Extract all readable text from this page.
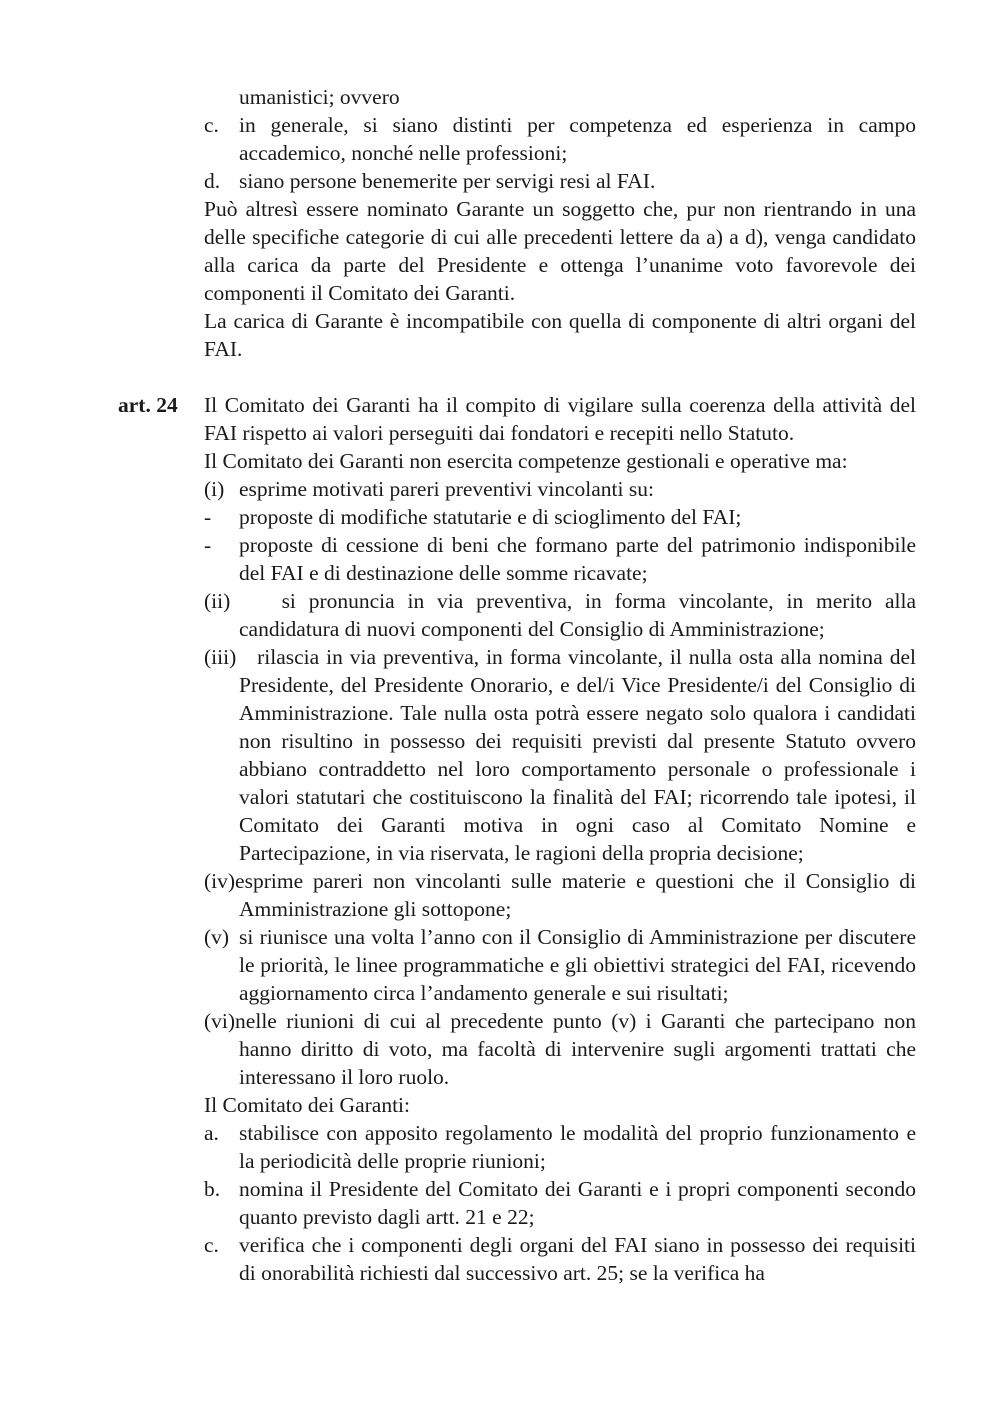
art. 24
umanistici; ovvero
c. in generale, si siano distinti per competenza ed esperienza in campo accademico, nonché nelle professioni;
d. siano persone benemerite per servigi resi al FAI.
Può altresì essere nominato Garante un soggetto che, pur non rientrando in una delle specifiche categorie di cui alle precedenti lettere da a) a d), venga candidato alla carica da parte del Presidente e ottenga l’unanime voto favorevole dei componenti il Comitato dei Garanti.
La carica di Garante è incompatibile con quella di componente di altri organi del FAI.
Il Comitato dei Garanti ha il compito di vigilare sulla coerenza della attività del FAI rispetto ai valori perseguiti dai fondatori e recepiti nello Statuto.
Il Comitato dei Garanti non esercita competenze gestionali e operative ma:
(i) esprime motivati pareri preventivi vincolanti su:
-	proposte di modifiche statutarie e di scioglimento del FAI;
-	proposte di cessione di beni che formano parte del patrimonio indisponibile del FAI e di destinazione delle somme ricavate;
(ii) si pronuncia in via preventiva, in forma vincolante, in merito alla candidatura di nuovi componenti del Consiglio di Amministrazione;
(iii) rilascia in via preventiva, in forma vincolante, il nulla osta alla nomina del Presidente, del Presidente Onorario, e del/i Vice Presidente/i del Consiglio di Amministrazione. Tale nulla osta potrà essere negato solo qualora i candidati non risultino in possesso dei requisiti previsti dal presente Statuto ovvero abbiano contraddetto nel loro comportamento personale o professionale i valori statutari che costituiscono la finalità del FAI; ricorrendo tale ipotesi, il Comitato dei Garanti motiva in ogni caso al Comitato Nomine e Partecipazione, in via riservata, le ragioni della propria decisione;
(iv)esprime pareri non vincolanti sulle materie e questioni che il Consiglio di Amministrazione gli sottopone;
(v) si riunisce una volta l’anno con il Consiglio di Amministrazione per discutere le priorità, le linee programmatiche e gli obiettivi strategici del FAI, ricevendo aggiornamento circa l’andamento generale e sui risultati;
(vi)nelle riunioni di cui al precedente punto (v) i Garanti che partecipano non hanno diritto di voto, ma facoltà di intervenire sugli argomenti trattati che interessano il loro ruolo.
Il Comitato dei Garanti:
a. stabilisce con apposito regolamento le modalità del proprio funzionamento e la periodicità delle proprie riunioni;
b. nomina il Presidente del Comitato dei Garanti e i propri componenti secondo quanto previsto dagli artt. 21 e 22;
c. verifica che i componenti degli organi del FAI siano in possesso dei requisiti di onorabilità richiesti dal successivo art. 25; se la verifica ha
